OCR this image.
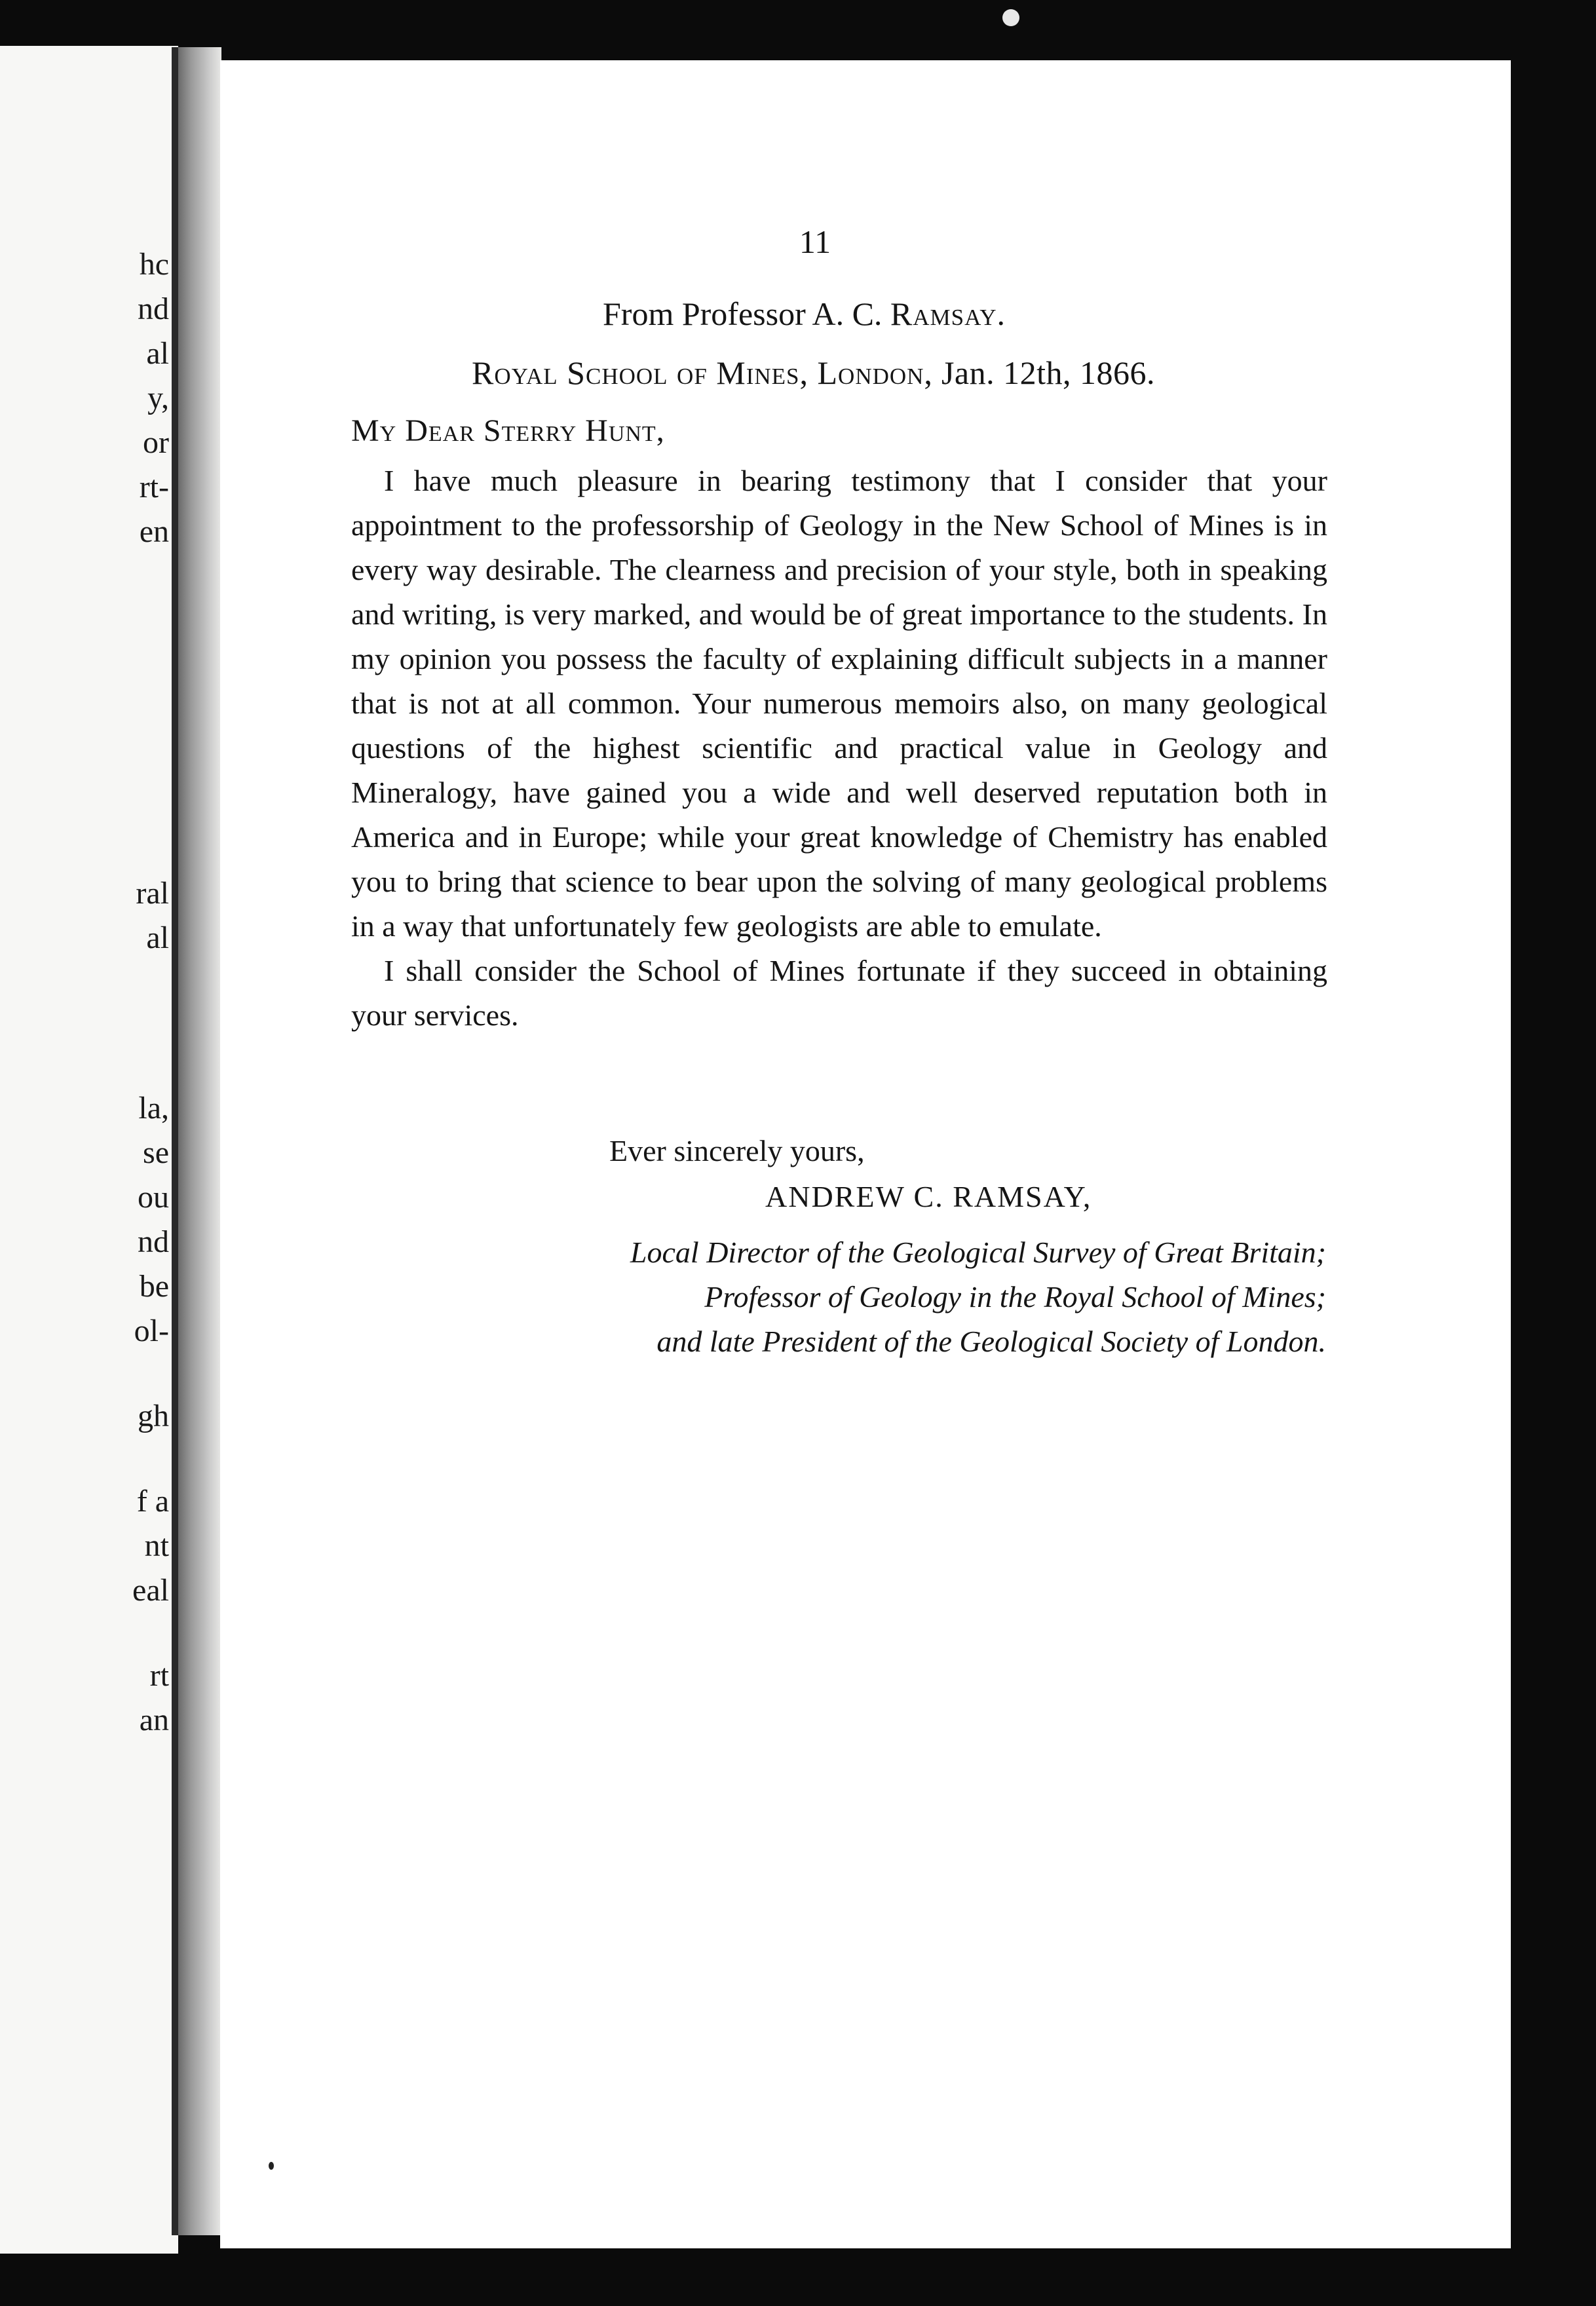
hc
nd
al
y,
or
rt-
en
ral
al
la,
se
ou
nd
be
ol-
gh
f a
nt
eal
rt
an

11

From Professor A. C. Ramsay.

Royal School of Mines, London, Jan. 12th, 1866.

My Dear Sterry Hunt,

I have much pleasure in bearing testimony that I consider that your appointment to the professorship of Geology in the New School of Mines is in every way desirable. The clearness and precision of your style, both in speaking and writing, is very marked, and would be of great importance to the students. In my opinion you possess the faculty of explaining difficult subjects in a manner that is not at all common. Your numerous memoirs also, on many geological questions of the highest scientific and practical value in Geology and Mineralogy, have gained you a wide and well deserved reputation both in America and in Europe; while your great knowledge of Chemistry has enabled you to bring that science to bear upon the solving of many geological problems in a way that unfortunately few geologists are able to emulate.

I shall consider the School of Mines fortunate if they succeed in obtaining your services.

Ever sincerely yours,

ANDREW C. RAMSAY,

Local Director of the Geological Survey of Great Britain;
Professor of Geology in the Royal School of Mines;
and late President of the Geological Society of London.
